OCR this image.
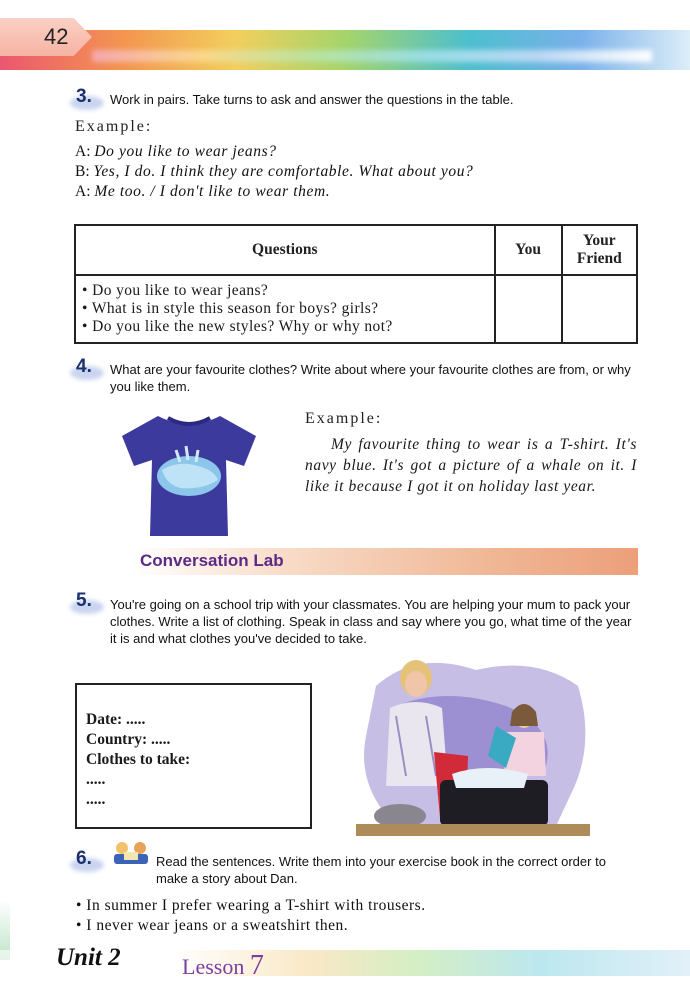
42
3. Work in pairs. Take turns to ask and answer the questions in the table.
Example:
A: Do you like to wear jeans?
B: Yes, I do. I think they are comfortable. What about you?
A: Me too. / I don't like to wear them.
Questions	You	Your Friend

• Do you like to wear jeans?
• What is in style this season for boys? girls?
• Do you like the new styles? Why or why not?		

4. What are your favourite clothes? Write about where your favourite clothes are from, or why you like them.
Example:
My favourite thing to wear is a T-shirt. It's navy blue. It's got a picture of a whale on it. I like it because I got it on holiday last year.
Conversation Lab
5. You're going on a school trip with your classmates. You are helping your mum to pack your clothes. Write a list of clothing. Speak in class and say where you go, what time of the year it is and what clothes you've decided to take.
Date: .....
Country: .....
Clothes to take:
.....
.....
6.	Read the sentences. Write them into your exercise book in the correct order to make a story about Dan.
• In summer I prefer wearing a T-shirt with trousers.
• I never wear jeans or a sweatshirt then.
Unit 2	Lesson 7
